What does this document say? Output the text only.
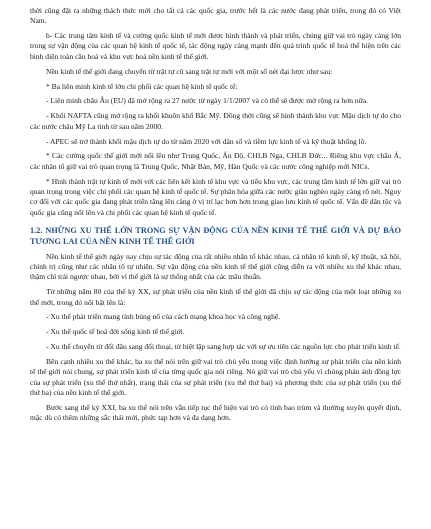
thời cũng đặt ra những thách thức mới cho tất cả các quốc gia, trước hết là các nước đang phát triển, trong đó có Việt Nam.

b- Các trung tâm kinh tế và cường quốc kinh tế mới được hình thành và phát triển, chúng giữ vai trò ngày càng lớn trong sự vận động của các quan hệ kinh tế quốc tế, tác động ngày càng mạnh đến quá trình quốc tế hoá thể hiện trên các bình diện toàn cầu hoá và khu vực hoá nền kinh tế thế giới.

Nền kinh tế thế giới đang chuyển từ trật tự cũ sang trật tự mới với một số nét đại lược như sau:

* Ba liên minh kinh tế lớn chi phối các quan hệ kinh tế quốc tế:

- Liên minh châu Âu (EU) đã mở rộng ra 27 nước từ ngày 1/1/2007 và có thể sẽ được mở rộng ra hơn nữa.

- Khối NAFTA cũng mở rộng ra khối khuôn khổ Bắc Mỹ. Đồng thời cũng sẽ hình thành khu vực Mậu dịch tự do cho các nước châu Mỹ La tinh từ sau năm 2000.

- APEC sẽ trở thành khối mậu dịch tự do từ năm 2020 với dân số và tiềm lực kinh tế và kỹ thuật khổng lồ.

* Các cường quốc thế giới mới nổi lên như Trung Quốc, Ấn Độ, CHLB Nga, CHLB Đức... Riêng khu vực châu Á, các nhân tố giữ vai trò quan trọng là Trung Quốc, Nhật Bản, Mỹ, Hàn Quốc và các nước công nghiệp mới NICs.

* Hình thành trật tự kinh tế mới với các liên kết kinh tế khu vực và tiểu khu vực, các trung tâm kinh tế lớn giữ vai trò quan trọng trong việc chi phối các quan hệ kinh tế quốc tế. Sự phân hóa giữa các nước giàu nghèo ngày càng rõ nét. Nguy cơ đối với các quốc gia đang phát triển tăng lên càng ở vị trí lạc hơn hơn trong giao lưu kinh tế quốc tế. Vấn đề dân tộc và quốc gia cũng nổi lên và chi phối các quan hệ kinh tế quốc tế.

1.2. NHỮNG XU THẾ LỚN TRONG SỰ VẬN ĐỘNG CỦA NỀN KINH TẾ THẾ GIỚI VÀ DỰ BÁO TƯƠNG LAI CỦA NỀN KINH TẾ THẾ GIỚI

Nền kinh tế thế giới ngày nay chịu sự tác động của rất nhiều nhân tố khác nhau, cả nhân tố kinh tế, kỹ thuật, xã hội, chính trị cũng như các nhân tố tự nhiên. Sự vận động của nền kinh tế thế giới cũng diễn ra với nhiều xu thế khác nhau, thậm chí trái ngược nhau, bởi vì thế giới là sự thống nhất của các mâu thuẫn.

Từ những năm 80 của thế kỷ XX, sự phát triển của nền kinh tế thế giới đã chịu sự tác động của một loạt những xu thế mới, trong đó nổi bật lên là:

- Xu thế phát triển mang tính bùng nổ của cách mạng khoa học và công nghệ.

- Xu thế quốc tế hoá đời sống kinh tế thế giới.

- Xu thế chuyển từ đối đầu sang đối thoại, từ biệt lập sang hợp tác với sự ưu tiên các nguồn lực cho phát triển kinh tế.

Bên cạnh nhiều xu thế khác, ba xu thế nói trên giữ vai trò chủ yếu trong việc định hướng sự phát triển của nền kinh tế thế giới nói chung, sự phát triển kinh tế của từng quốc gia nói riêng. Nó giữ vai trò chủ yếu vì chúng phản ánh đồng lực của sự phát triển (xu thế thứ nhất), trạng thái của sự phát triển (xu thế thứ hai) và phương thức của sự phát triển (xu thế thứ ba) của nền kinh tế thế giới.

Bước sang thế kỷ XXI, ba xu thế nói trên vẫn tiếp tục thể hiện vai trò có tính bao trùm và thường xuyên quyết định, mặc dù có thêm những sắc thái mới, phức tạp hơn và đa dạng hơn.
